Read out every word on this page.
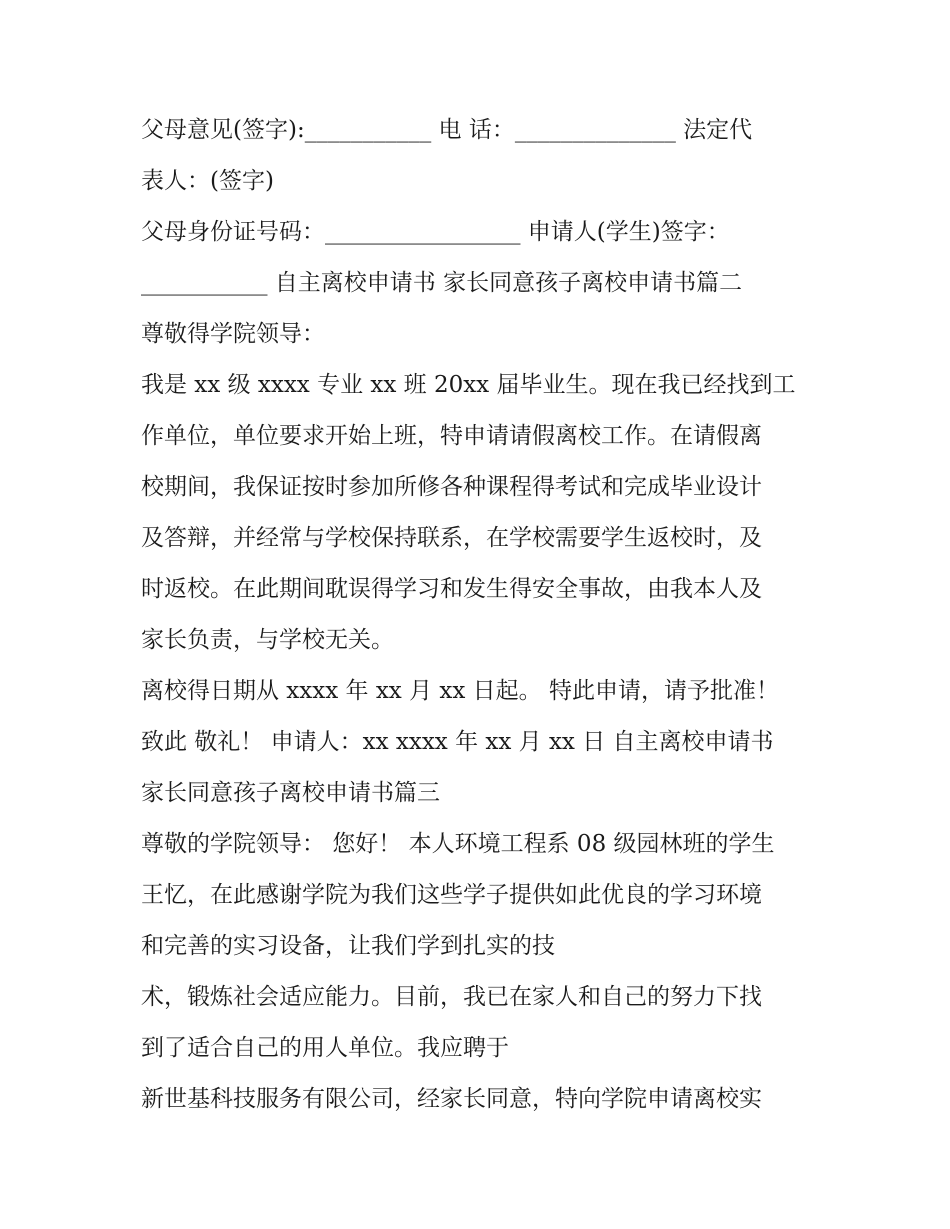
父母意见(签字):___________ 电 话：______________ 法定代
表人：(签字)
父母身份证号码：_________________ 申请人(学生)签字：
___________ 自主离校申请书 家长同意孩子离校申请书篇二
尊敬得学院领导：
我是 xx 级 xxxx 专业 xx 班 20xx 届毕业生。现在我已经找到工
作单位，单位要求开始上班，特申请请假离校工作。在请假离
校期间，我保证按时参加所修各种课程得考试和完成毕业设计
及答辩，并经常与学校保持联系，在学校需要学生返校时，及
时返校。在此期间耽误得学习和发生得安全事故，由我本人及
家长负责，与学校无关。
离校得日期从 xxxx 年 xx 月 xx 日起。 特此申请，请予批准！
致此 敬礼！ 申请人：xx xxxx 年 xx 月 xx 日 自主离校申请书
家长同意孩子离校申请书篇三
尊敬的学院领导： 您好！ 本人环境工程系 08 级园林班的学生
王忆，在此感谢学院为我们这些学子提供如此优良的学习环境
和完善的实习设备，让我们学到扎实的技
术，锻炼社会适应能力。目前，我已在家人和自己的努力下找
到了适合自己的用人单位。我应聘于
新世基科技服务有限公司，经家长同意，特向学院申请离校实
